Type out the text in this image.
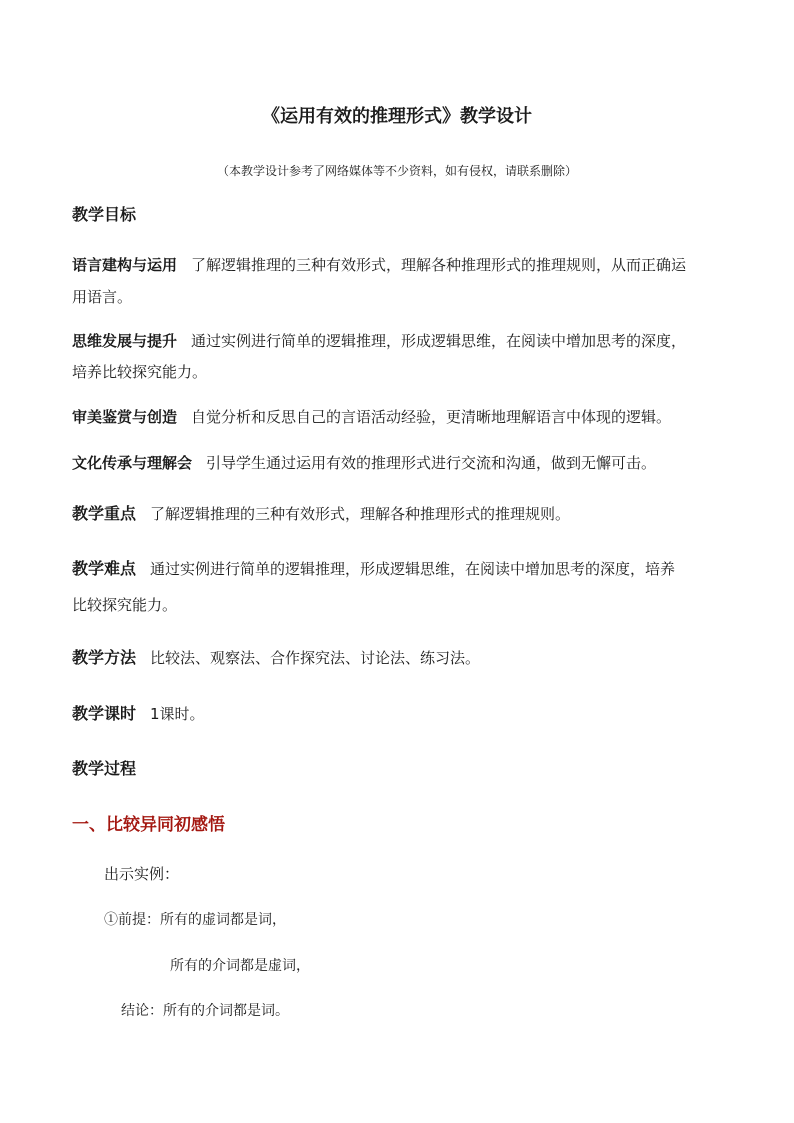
《运用有效的推理形式》教学设计
（本教学设计参考了网络媒体等不少资料，如有侵权，请联系删除）
教学目标
语言建构与运用 了解逻辑推理的三种有效形式，理解各种推理形式的推理规则，从而正确运
用语言。
思维发展与提升 通过实例进行简单的逻辑推理，形成逻辑思维，在阅读中增加思考的深度，
培养比较探究能力。
审美鉴赏与创造 自觉分析和反思自己的言语活动经验，更清晰地理解语言中体现的逻辑。
文化传承与理解会 引导学生通过运用有效的推理形式进行交流和沟通，做到无懈可击。
教学重点 了解逻辑推理的三种有效形式，理解各种推理形式的推理规则。
教学难点 通过实例进行简单的逻辑推理，形成逻辑思维，在阅读中增加思考的深度，培养
比较探究能力。
教学方法 比较法、观察法、合作探究法、讨论法、练习法。
教学课时 1课时。
教学过程
一、比较异同初感悟
出示实例：
①前提：所有的虚词都是词，
所有的介词都是虚词，
结论：所有的介词都是词。
